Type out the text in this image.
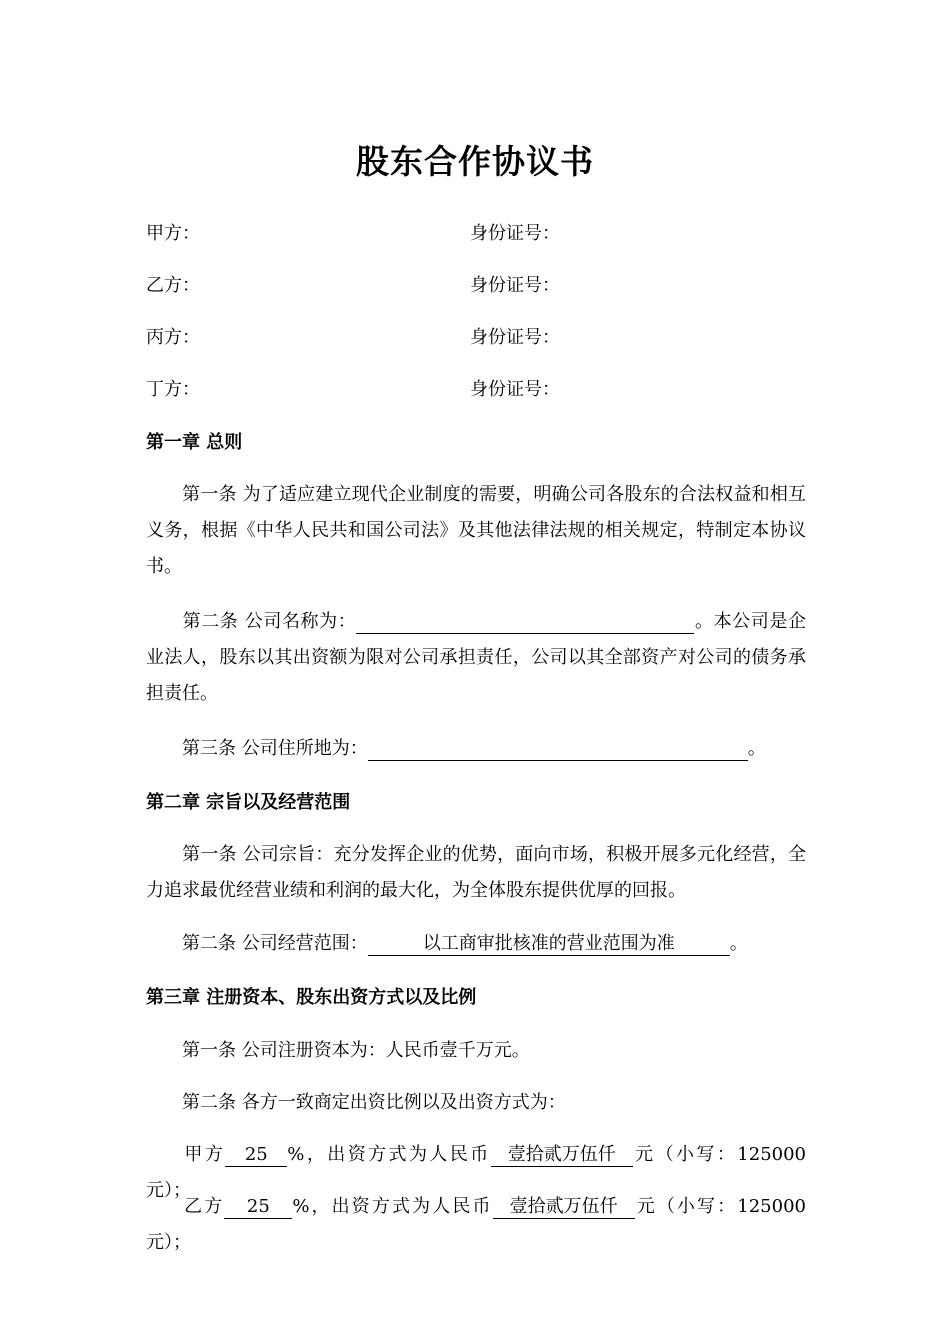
股东合作协议书
甲方：	身份证号：
乙方：	身份证号：
丙方：	身份证号：
丁方：	身份证号：
第一章 总则
第一条 为了适应建立现代企业制度的需要，明确公司各股东的合法权益和相互义务，根据《中华人民共和国公司法》及其他法律法规的相关规定，特制定本协议书。
第二条 公司名称为：	。本公司是企业法人，股东以其出资额为限对公司承担责任，公司以其全部资产对公司的债务承担责任。
第三条 公司住所地为：	。
第二章 宗旨以及经营范围
第一条 公司宗旨：充分发挥企业的优势，面向市场，积极开展多元化经营，全力追求最优经营业绩和利润的最大化，为全体股东提供优厚的回报。
第二条 公司经营范围：	以工商审批核准的营业范围为准	。
第三章 注册资本、股东出资方式以及比例
第一条 公司注册资本为：人民币壹千万元。
第二条 各方一致商定出资比例以及出资方式为：
甲方 25 %，出资方式为人民币 壹拾贰万伍仟 元（小写：125000 元）；
乙方 25 %，出资方式为人民币 壹拾贰万伍仟 元（小写：125000 元）；
